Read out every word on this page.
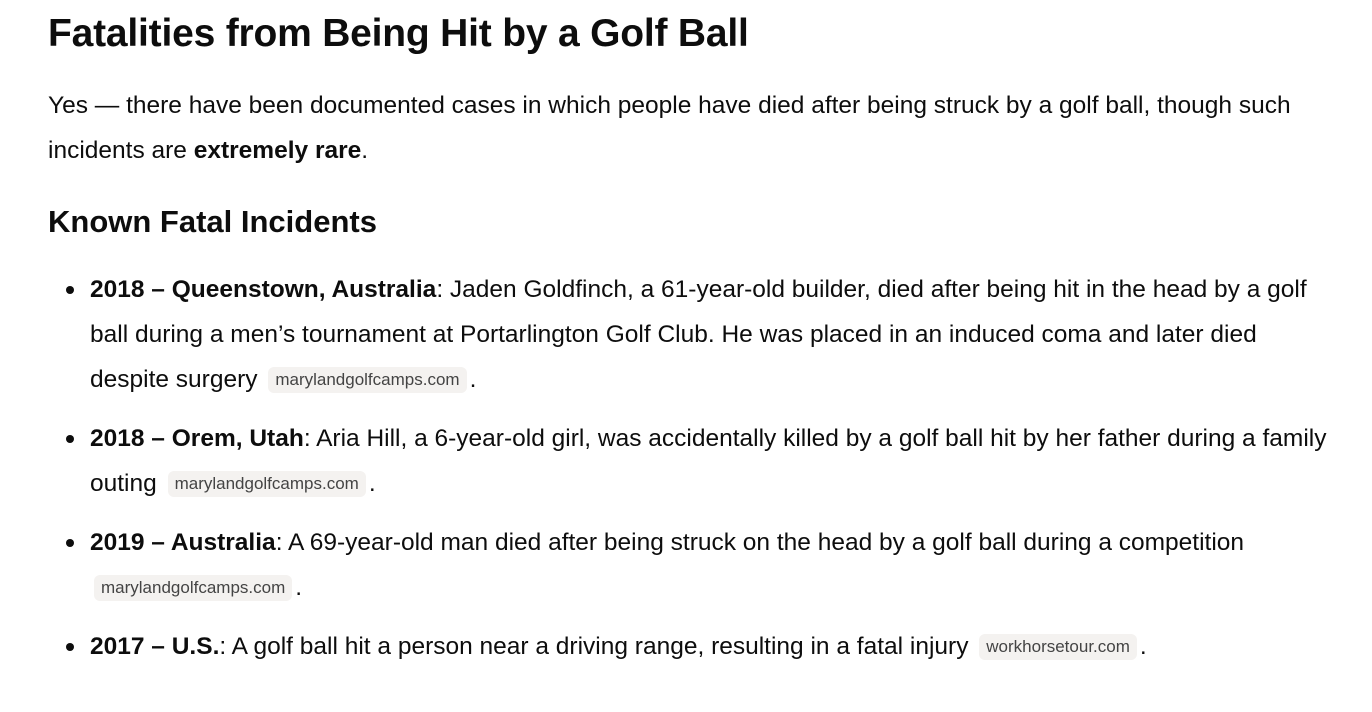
Fatalities from Being Hit by a Golf Ball

Yes — there have been documented cases in which people have died after being struck by a golf ball, though such incidents are extremely rare.

Known Fatal Incidents
2018 – Queenstown, Australia: Jaden Goldfinch, a 61-year-old builder, died after being hit in the head by a golf ball during a men’s tournament at Portarlington Golf Club. He was placed in an induced coma and later died despite surgery marylandgolfcamps.com .
2018 – Orem, Utah: Aria Hill, a 6-year-old girl, was accidentally killed by a golf ball hit by her father during a family outing marylandgolfcamps.com .
2019 – Australia: A 69-year-old man died after being struck on the head by a golf ball during a competition marylandgolfcamps.com .
2017 – U.S.: A golf ball hit a person near a driving range, resulting in a fatal injury workhorsetour.com .
